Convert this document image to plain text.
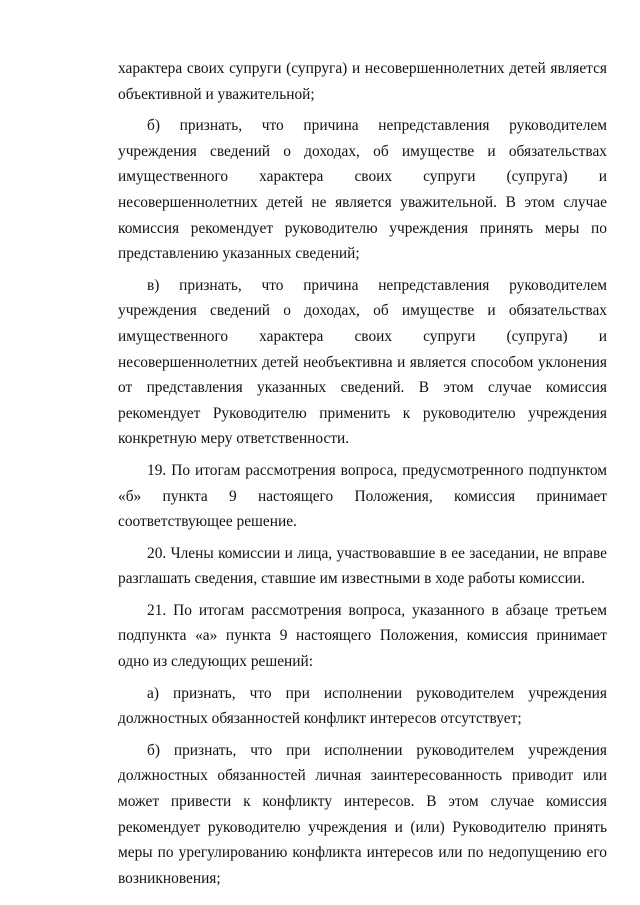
характера своих супруги (супруга) и несовершеннолетних детей является объективной и уважительной;

б) признать, что причина непредставления руководителем учреждения сведений о доходах, об имуществе и обязательствах имущественного характера своих супруги (супруга) и несовершеннолетних детей не является уважительной. В этом случае комиссия рекомендует руководителю учреждения принять меры по представлению указанных сведений;

в) признать, что причина непредставления руководителем учреждения сведений о доходах, об имуществе и обязательствах имущественного характера своих супруги (супруга) и несовершеннолетних детей необъективна и является способом уклонения от представления указанных сведений. В этом случае комиссия рекомендует Руководителю применить к руководителю учреждения конкретную меру ответственности.

19. По итогам рассмотрения вопроса, предусмотренного подпунктом «б» пункта 9 настоящего Положения, комиссия принимает соответствующее решение.

20. Члены комиссии и лица, участвовавшие в ее заседании, не вправе разглашать сведения, ставшие им известными в ходе работы комиссии.

21. По итогам рассмотрения вопроса, указанного в абзаце третьем подпункта «а» пункта 9 настоящего Положения, комиссия принимает одно из следующих решений:

а) признать, что при исполнении руководителем учреждения должностных обязанностей конфликт интересов отсутствует;

б) признать, что при исполнении руководителем учреждения должностных обязанностей личная заинтересованность приводит или может привести к конфликту интересов. В этом случае комиссия рекомендует руководителю учреждения и (или) Руководителю принять меры по урегулированию конфликта интересов или по недопущению его возникновения;
